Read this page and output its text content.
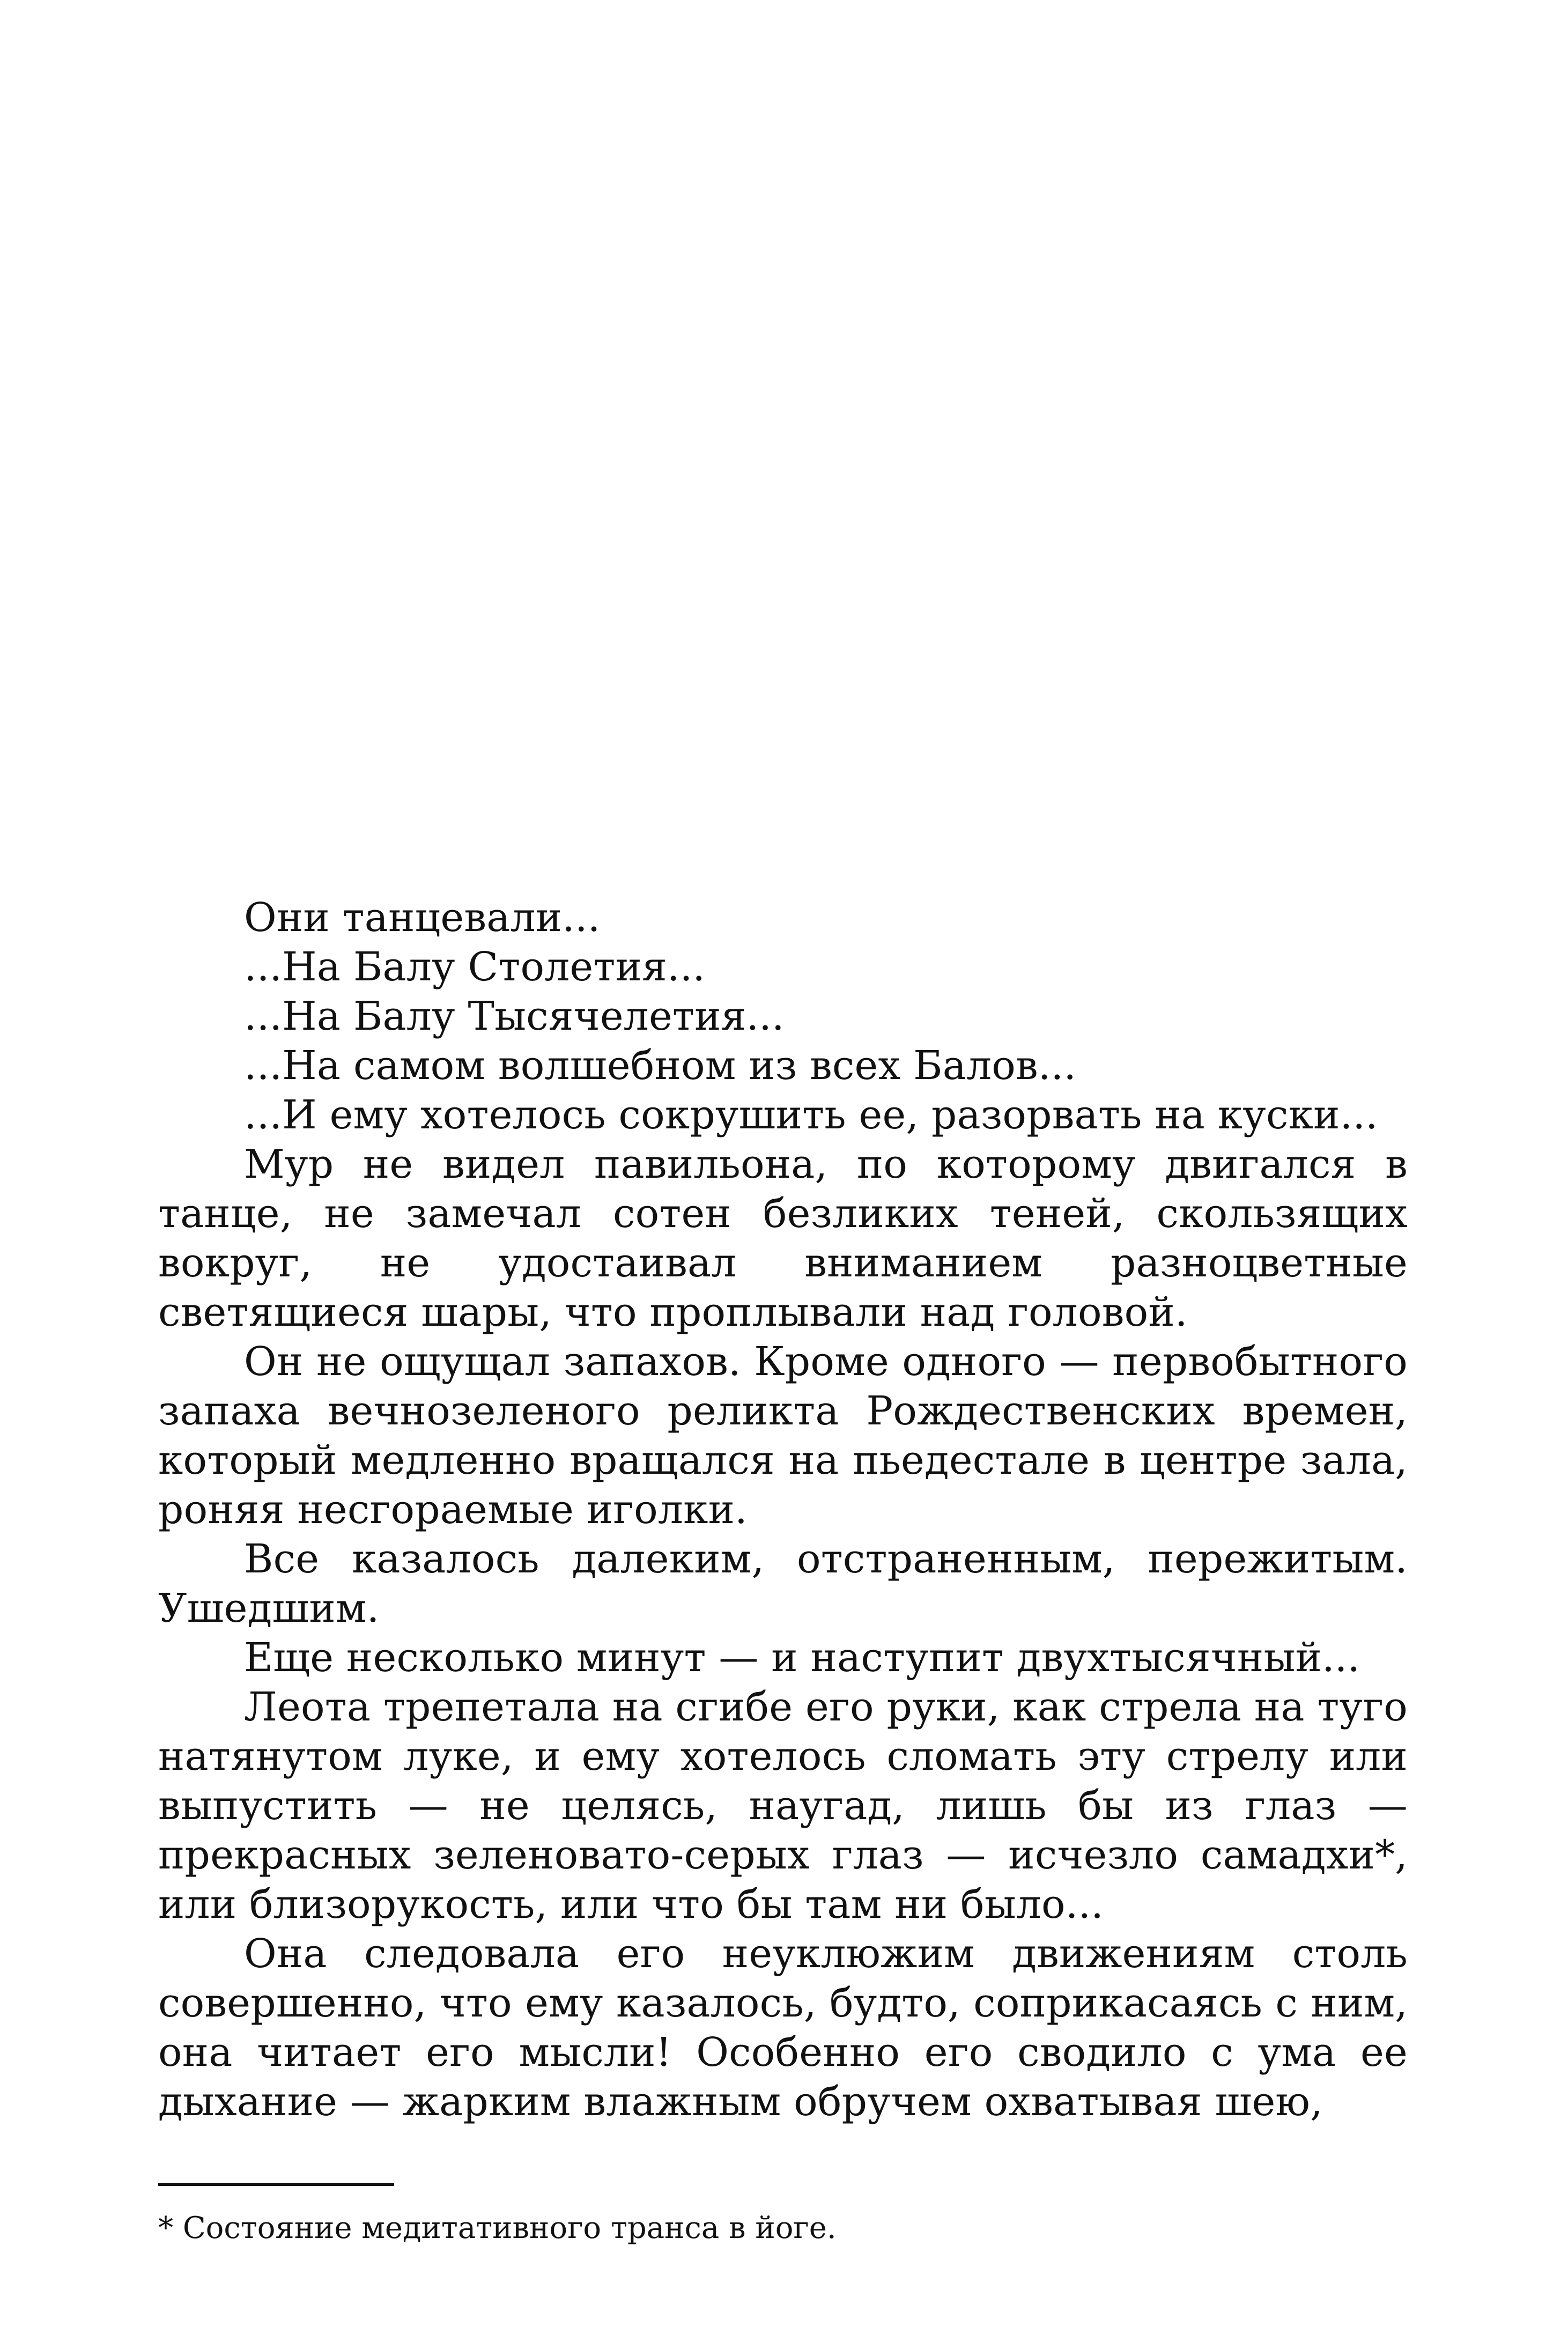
Они танцевали...

...На Балу Столетия...

...На Балу Тысячелетия...

...На самом волшебном из всех Балов...

...И ему хотелось сокрушить ее, разорвать на куски...

Мур не видел павильона, по которому двигался в танце, не замечал сотен безликих теней, скользящих вокруг, не удостаивал вниманием разноцветные светящиеся шары, что проплывали над головой.

Он не ощущал запахов. Кроме одного — первобытного запаха вечнозеленого реликта Рождественских времен, который медленно вращался на пьедестале в центре зала, роняя несгораемые иголки.

Все казалось далеким, отстраненным, пережитым. Ушедшим.

Еще несколько минут — и наступит двухтысячный...

Леота трепетала на сгибе его руки, как стрела на туго натянутом луке, и ему хотелось сломать эту стрелу или выпустить — не целясь, наугад, лишь бы из глаз — прекрасных зеленовато-серых глаз — исчезло самадхи*, или близорукость, или что бы там ни было...

Она следовала его неуклюжим движениям столь совершенно, что ему казалось, будто, соприкасаясь с ним, она читает его мысли! Особенно его сводило с ума ее дыхание — жарким влажным обручем охватывая шею,

* Состояние медитативного транса в йоге.
